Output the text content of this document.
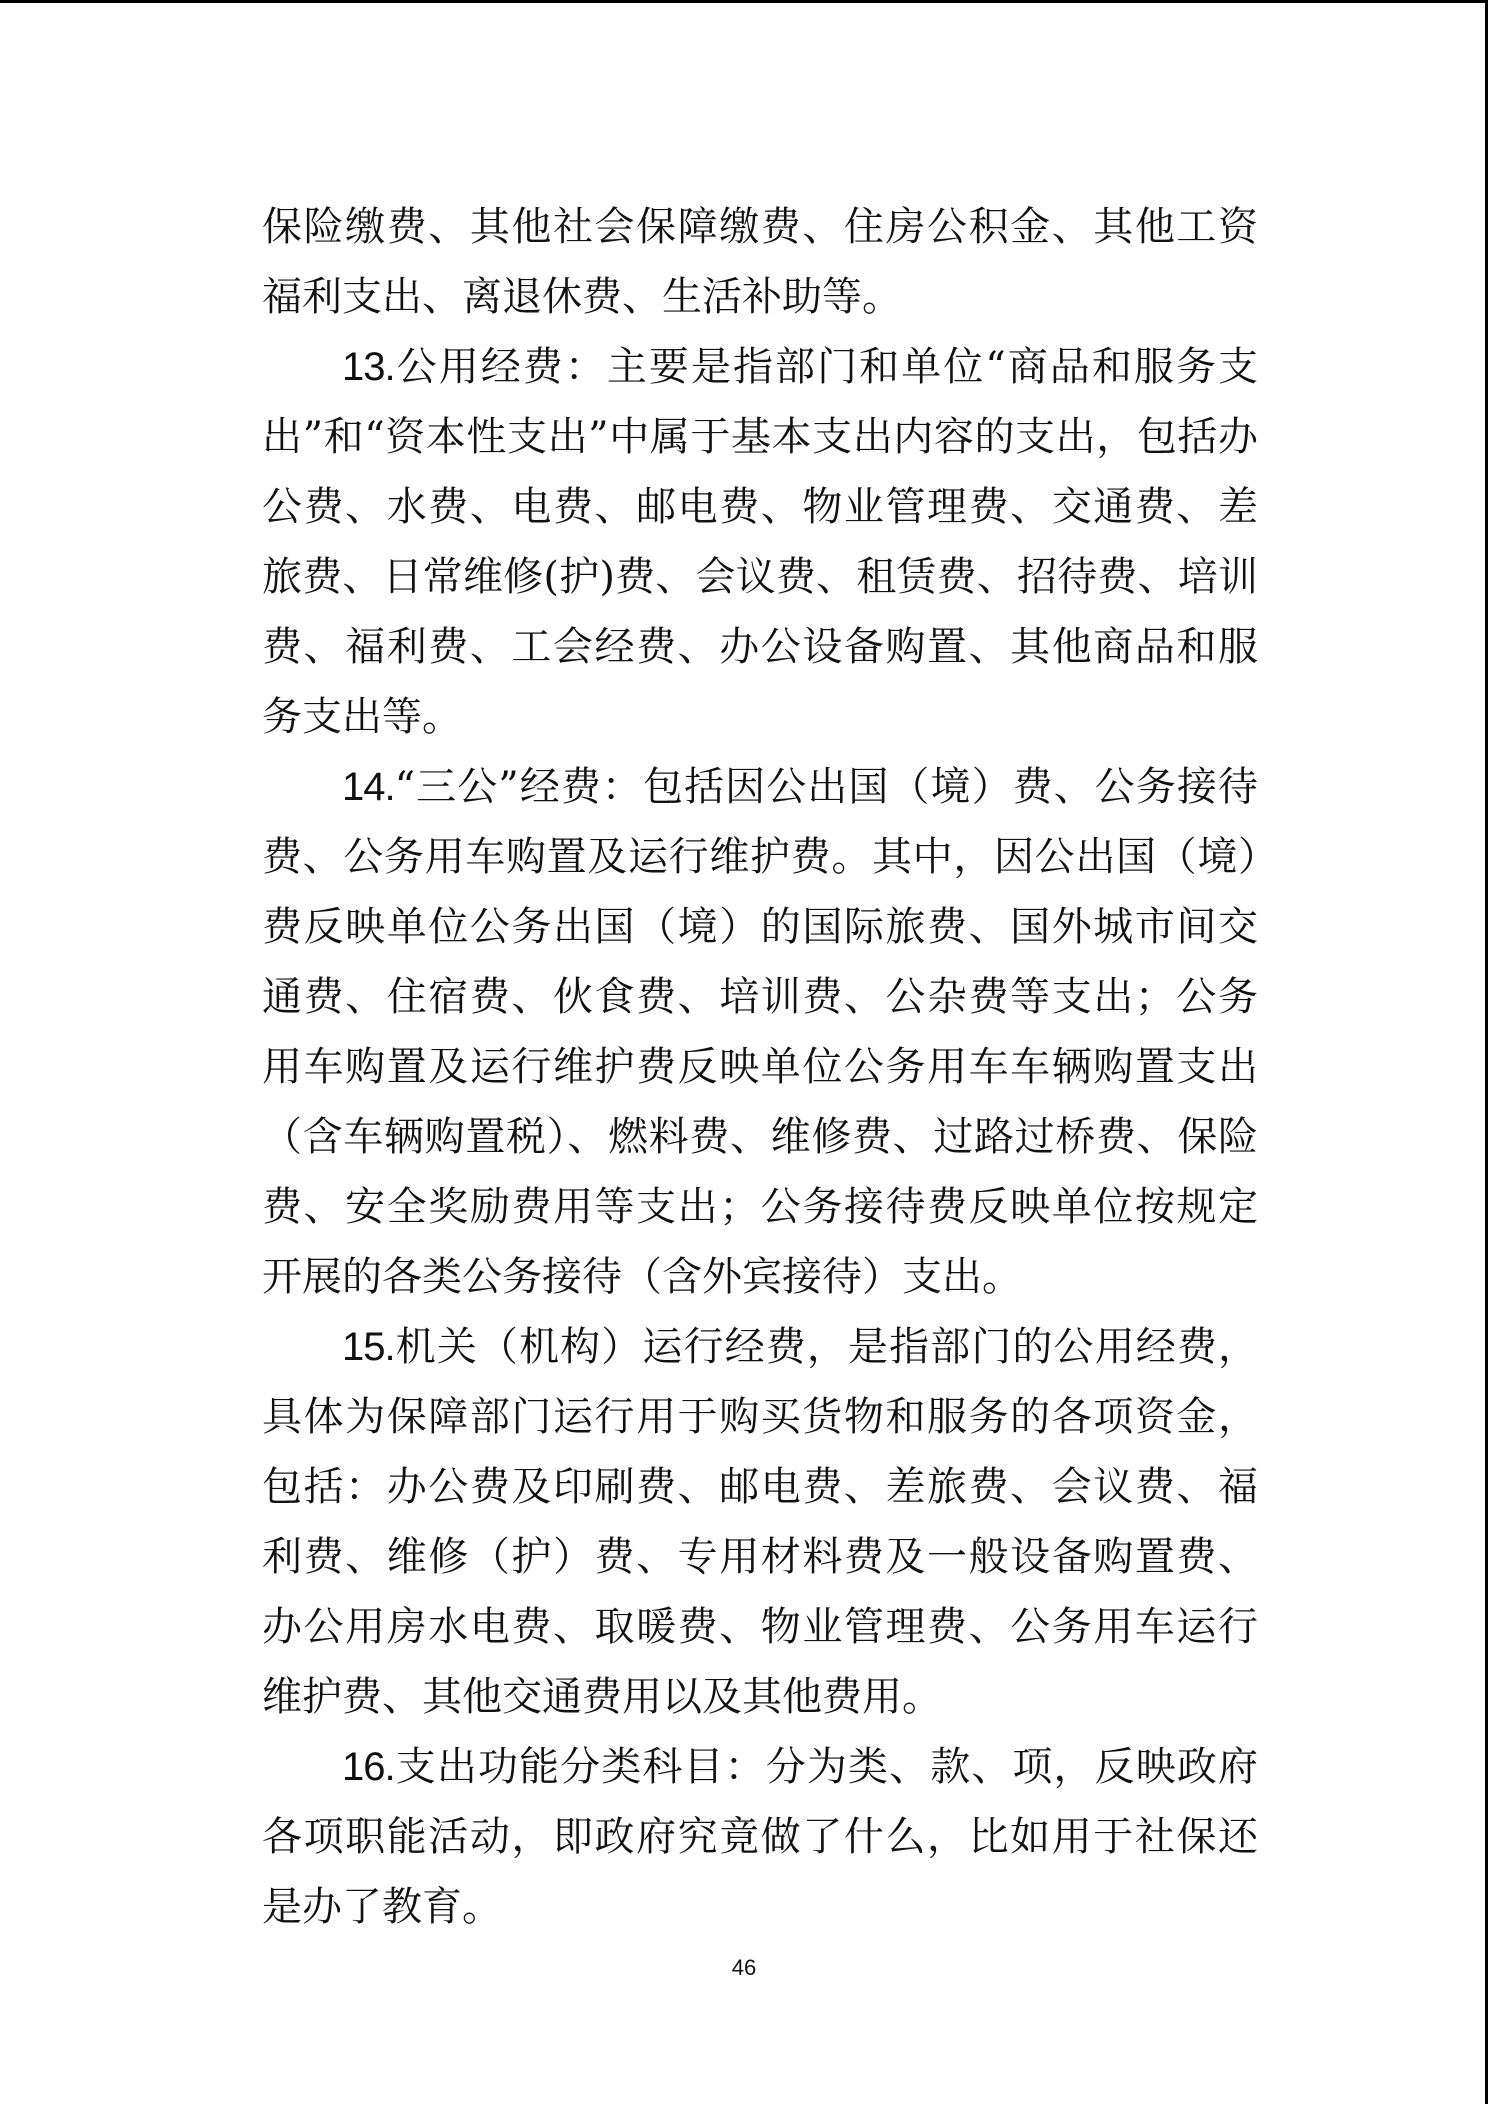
保险缴费、其他社会保障缴费、住房公积金、其他工资福利支出、离退休费、生活补助等。

13.公用经费：主要是指部门和单位“商品和服务支出”和“资本性支出”中属于基本支出内容的支出，包括办公费、水费、电费、邮电费、物业管理费、交通费、差旅费、日常维修(护)费、会议费、租赁费、招待费、培训费、福利费、工会经费、办公设备购置、其他商品和服务支出等。

14.“三公”经费：包括因公出国（境）费、公务接待费、公务用车购置及运行维护费。其中，因公出国（境）费反映单位公务出国（境）的国际旅费、国外城市间交通费、住宿费、伙食费、培训费、公杂费等支出；公务用车购置及运行维护费反映单位公务用车车辆购置支出（含车辆购置税）、燃料费、维修费、过路过桥费、保险费、安全奖励费用等支出；公务接待费反映单位按规定开展的各类公务接待（含外宾接待）支出。

15.机关（机构）运行经费，是指部门的公用经费，具体为保障部门运行用于购买货物和服务的各项资金，包括：办公费及印刷费、邮电费、差旅费、会议费、福利费、维修（护）费、专用材料费及一般设备购置费、办公用房水电费、取暖费、物业管理费、公务用车运行维护费、其他交通费用以及其他费用。

16.支出功能分类科目：分为类、款、项，反映政府各项职能活动，即政府究竟做了什么，比如用于社保还是办了教育。

46
